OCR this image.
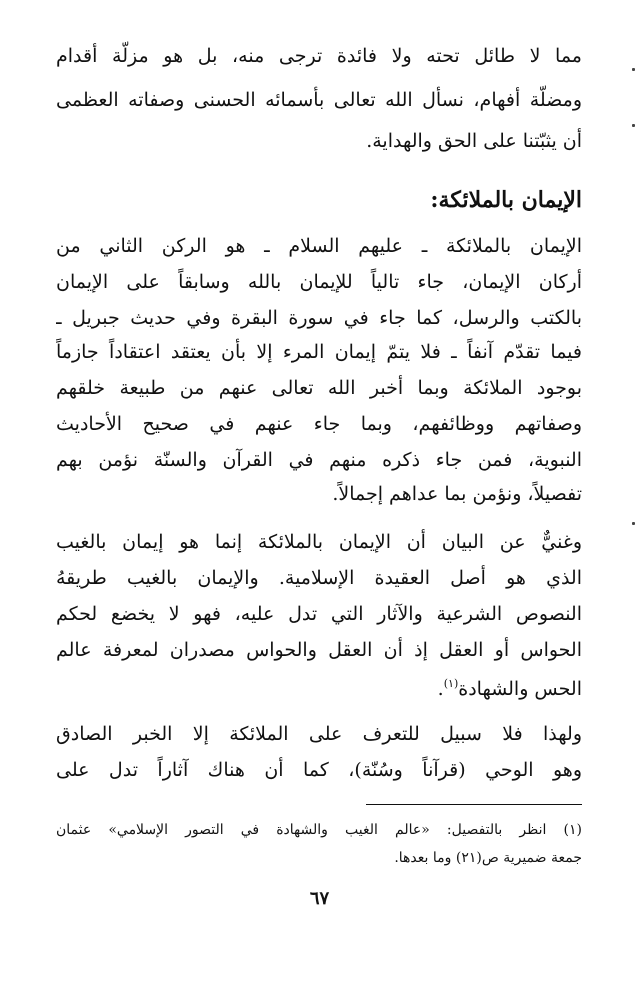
مما لا طائل تحته ولا فائدة ترجى منه، بل هو مزلّة أقدام
ومضلّة أفهام، نسأل الله تعالى بأسمائه الحسنى وصفاته العظمى
أن يثبّتنا على الحق والهداية.
الإيمان بالملائكة:
الإيمان بالملائكة ـ عليهم السلام ـ هو الركن الثاني من
أركان الإيمان، جاء تالياً للإيمان بالله وسابقاً على الإيمان
بالكتب والرسل، كما جاء في سورة البقرة وفي حديث جبريل ـ
فيما تقدّم آنفاً ـ فلا يتمّ إيمان المرء إلا بأن يعتقد اعتقاداً جازماً
بوجود الملائكة وبما أخبر الله تعالى عنهم من طبيعة خلقهم
وصفاتهم ووظائفهم، وبما جاء عنهم في صحيح الأحاديث
النبوية، فمن جاء ذكره منهم في القرآن والسنّة نؤمن بهم
تفصيلاً، ونؤمن بما عداهم إجمالاً.
وغنيٌّ عن البيان أن الإيمان بالملائكة إنما هو إيمان بالغيب
الذي هو أصل العقيدة الإسلامية. والإيمان بالغيب طريقهُ
النصوص الشرعية والآثار التي تدل عليه، فهو لا يخضع لحكم
الحواس أو العقل إذ أن العقل والحواس مصدران لمعرفة عالم
الحس والشهادة$^{(١)}$.
ولهذا فلا سبيل للتعرف على الملائكة إلا الخبر الصادق
وهو الوحي (قرآناً وسُنّة)، كما أن هناك آثاراً تدل على
(١) انظر بالتفصيل: «عالم الغيب والشهادة في التصور الإسلامي» عثمان
جمعة ضميرية ص(٢١) وما بعدها.
٦٧
